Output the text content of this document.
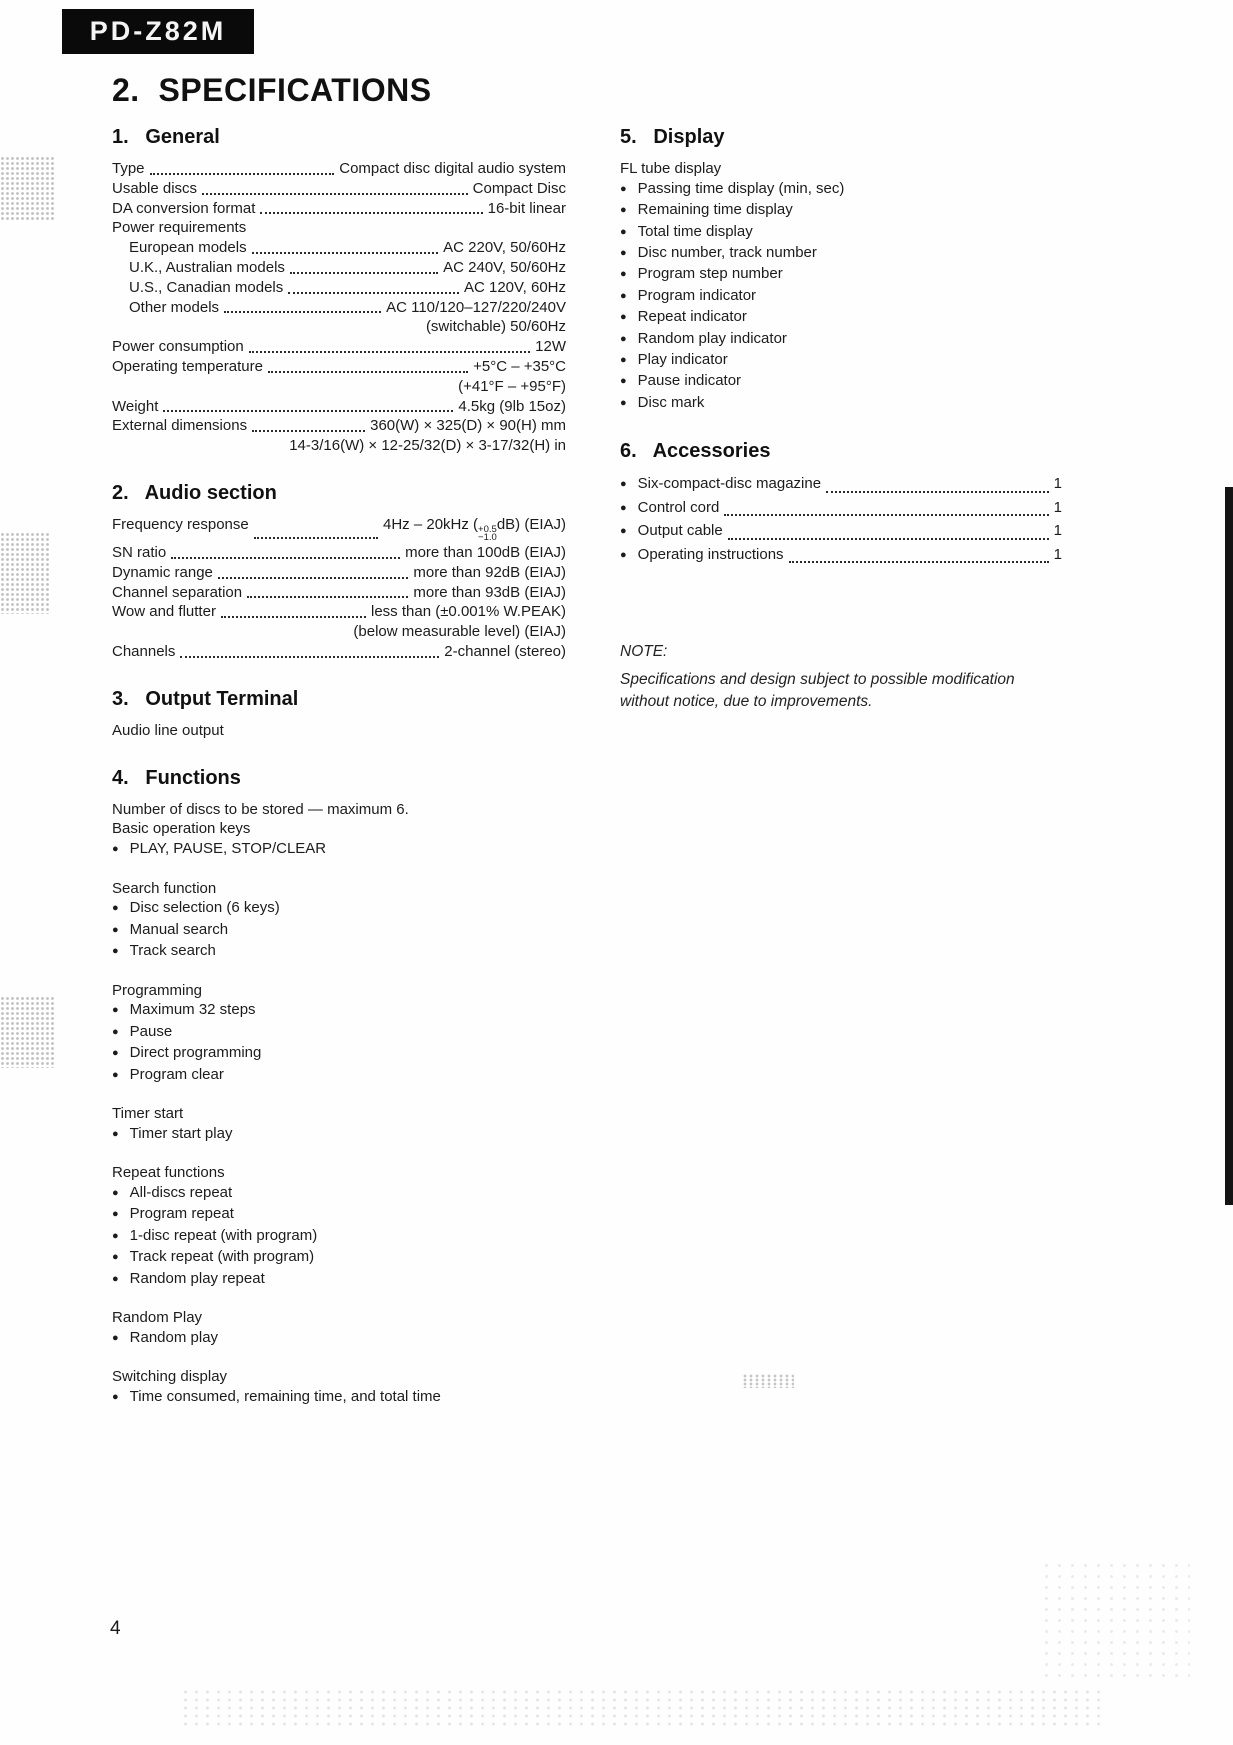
PD-Z82M
2.  SPECIFICATIONS
1.   General
Type	Compact disc digital audio system
Usable discs	Compact Disc
DA conversion format	16-bit linear
Power requirements
European models	AC 220V, 50/60Hz
U.K., Australian models	AC 240V, 50/60Hz
U.S., Canadian models	AC 120V, 60Hz
Other models	AC 110/120–127/220/240V
(switchable) 50/60Hz
Power consumption	12W
Operating temperature	+5°C – +35°C
(+41°F – +95°F)
Weight	4.5kg (9lb 15oz)
External dimensions	360(W) × 325(D) × 90(H) mm
14-3/16(W) × 12-25/32(D) × 3-17/32(H) in
2.   Audio section
Frequency response	4Hz – 20kHz ( +0.5
−1.0
dB) (EIAJ)
SN ratio	more than 100dB (EIAJ)
Dynamic range	more than 92dB (EIAJ)
Channel separation	more than 93dB (EIAJ)
Wow and flutter	less than (±0.001% W.PEAK)
(below measurable level) (EIAJ)
Channels	2-channel (stereo)
3.   Output Terminal
Audio line output
4.   Functions
Number of discs to be stored — maximum 6.
Basic operation keys
●
PLAY, PAUSE, STOP/CLEAR
Search function
●
Disc selection (6 keys)
●
Manual search
●
Track search
Programming
●
Maximum 32 steps
●
Pause
●
Direct programming
●
Program clear
Timer start
●
Timer start play
Repeat functions
●
All-discs repeat
●
Program repeat
●
1-disc repeat (with program)
●
Track repeat (with program)
●
Random play repeat
Random Play
●
Random play
Switching display
●
Time consumed, remaining time, and total time
5.   Display
FL tube display
●
Passing time display (min, sec)
●
Remaining time display
●
Total time display
●
Disc number, track number
●
Program step number
●
Program indicator
●
Repeat indicator
●
Random play indicator
●
Play indicator
●
Pause indicator
●
Disc mark
6.   Accessories
●
Six-compact-disc magazine	1
●
Control cord	1
●
Output cable	1
●
Operating instructions	1
NOTE:
Specifications and design subject to possible modification without notice, due to improvements.
4
